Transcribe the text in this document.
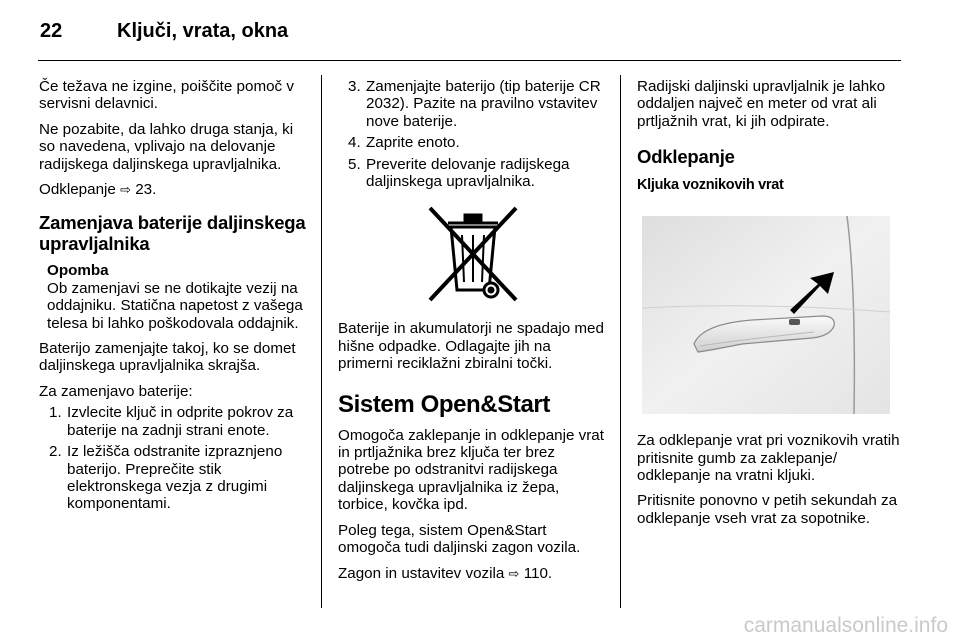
22	Ključi, vrata, okna

Če težava ne izgine, poiščite pomoč v servisni delavnici.

Ne pozabite, da lahko druga stanja, ki so navedena, vplivajo na delovanje radijskega daljinskega upravljalnika.

Odklepanje ⇨ 23.

Zamenjava baterije daljinskega upravljalnika
Opomba
Ob zamenjavi se ne dotikajte vezij na oddajniku. Statična napetost z vašega telesa bi lahko poškodovala oddajnik.

Baterijo zamenjajte takoj, ko se domet daljinskega upravljalnika skrajša.

Za zamenjavo baterije:

1. Izvlecite ključ in odprite pokrov za baterije na zadnji strani enote.
2. Iz ležišča odstranite izpraznjeno baterijo. Preprečite stik elektronskega vezja z drugimi komponentami.
3. Zamenjajte baterijo (tip baterije CR 2032). Pazite na pravilno vstavitev nove baterije.
4. Zaprite enoto.
5. Preverite delovanje radijskega daljinskega upravljalnika.

Baterije in akumulatorji ne spadajo med hišne odpadke. Odlagajte jih na primerni reciklažni zbiralni točki.

Sistem Open&Start

Omogoča zaklepanje in odklepanje vrat in prtljažnika brez ključa ter brez potrebe po odstranitvi radijskega daljinskega upravljalnika iz žepa, torbice, kovčka ipd.

Poleg tega, sistem Open&Start omogoča tudi daljinski zagon vozila.

Zagon in ustavitev vozila ⇨ 110.

Radijski daljinski upravljalnik je lahko oddaljen največ en meter od vrat ali prtljažnih vrat, ki jih odpirate.

Odklepanje
Kljuka voznikovih vrat

Za odklepanje vrat pri voznikovih vratih pritisnite gumb za zaklepanje/ odklepanje na vratni kljuki.

Pritisnite ponovno v petih sekundah za odklepanje vseh vrat za sopotnike.

carmanualsonline.info
